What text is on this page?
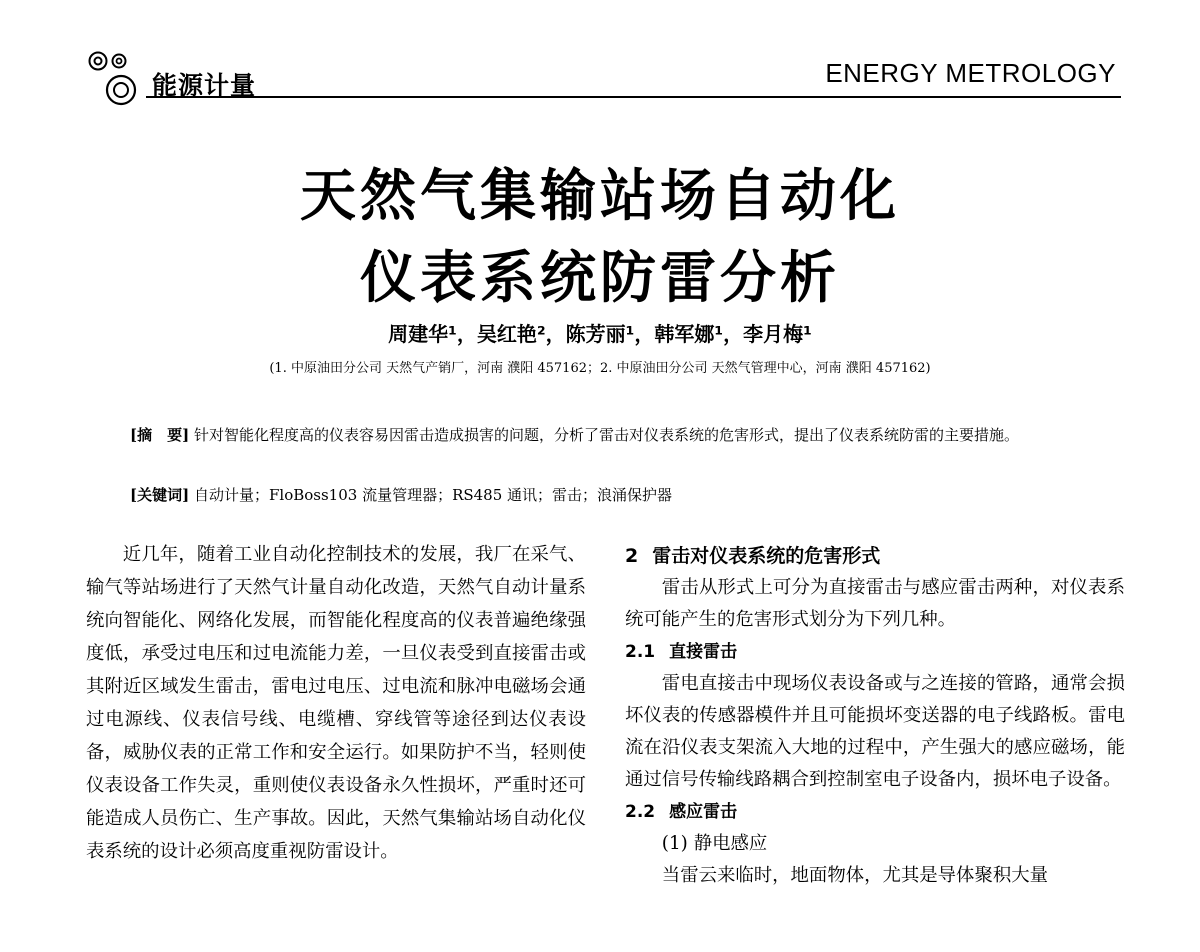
能源计量	ENERGY METROLOGY
天然气集输站场自动化
仪表系统防雷分析
周建华¹，吴红艳²，陈芳丽¹，韩军娜¹，李月梅¹
(1. 中原油田分公司 天然气产销厂，河南 濮阳 457162；2. 中原油田分公司 天然气管理中心，河南 濮阳 457162)
[摘　要] 针对智能化程度高的仪表容易因雷击造成损害的问题，分析了雷击对仪表系统的危害形式，提出了仪表系统防雷的主要措施。
[关键词] 自动计量；FloBoss103 流量管理器；RS485 通讯；雷击；浪涌保护器

近几年，随着工业自动化控制技术的发展，我厂在采气、输气等站场进行了天然气计量自动化改造，天然气自动计量系统向智能化、网络化发展，而智能化程度高的仪表普遍绝缘强度低，承受过电压和过电流能力差，一旦仪表受到直接雷击或其附近区域发生雷击，雷电过电压、过电流和脉冲电磁场会通过电源线、仪表信号线、电缆槽、穿线管等途径到达仪表设备，威胁仪表的正常工作和安全运行。如果防护不当，轻则使仪表设备工作失灵，重则使仪表设备永久性损坏，严重时还可能造成人员伤亡、生产事故。因此，天然气集输站场自动化仪表系统的设计必须高度重视防雷设计。

2 雷击对仪表系统的危害形式

雷击从形式上可分为直接雷击与感应雷击两种，对仪表系统可能产生的危害形式划分为下列几种。

2.1 直接雷击

雷电直接击中现场仪表设备或与之连接的管路，通常会损坏仪表的传感器模件并且可能损坏变送器的电子线路板。雷电流在沿仪表支架流入大地的过程中，产生强大的感应磁场，能通过信号传输线路耦合到控制室电子设备内，损坏电子设备。

2.2 感应雷击

(1) 静电感应

当雷云来临时，地面物体，尤其是导体聚积大量
